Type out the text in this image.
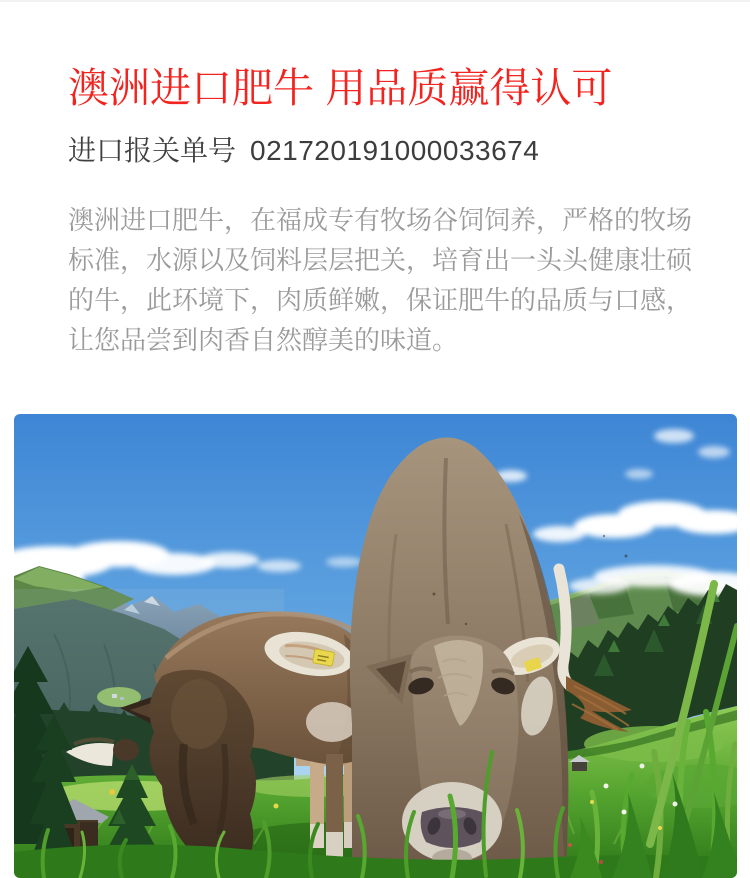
澳洲进口肥牛 用品质赢得认可
进口报关单号 021720191000033674

澳洲进口肥牛，在福成专有牧场谷饲饲养，严格的牧场标准，水源以及饲料层层把关，培育出一头头健康壮硕的牛，此环境下，肉质鲜嫩，保证肥牛的品质与口感，让您品尝到肉香自然醇美的味道。
